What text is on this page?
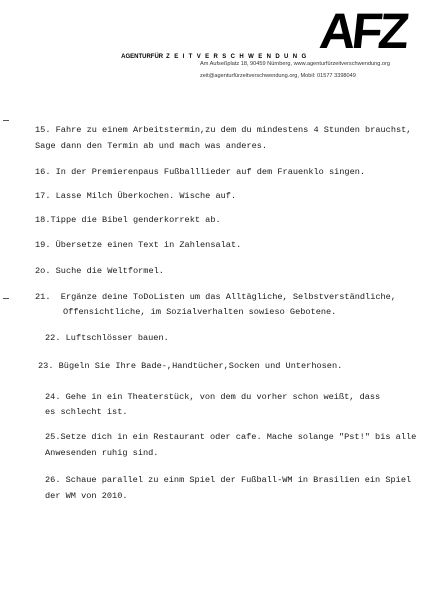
AFZ

AGENTURFÜR ZEITVERSCHWENDUNG

Am Aufseßplatz 18, 90459 Nürnberg, www.agenturfürzeitverschwendung.org
zeit@agenturfürzeitverschwendung.org, Mobil: 01577 3398049
15. Fahre zu einem Arbeitstermin,zu dem du mindestens 4 Stunden brauchst,
Sage dann den Termin ab und mach was anderes.
16. In der Premierenpaus Fußballlieder auf dem Frauenklo singen.
17. Lasse Milch Überkochen. Wische auf.
18.Tippe die Bibel genderkorrekt ab.
19. Übersetze einen Text in Zahlensalat.
2o. Suche die Weltformel.
21.  Ergänze deine ToDoListen um das Alltägliche, Selbstverständliche,
Offensichtliche, im Sozialverhalten sowieso Gebotene.
22. Luftschlösser bauen.
23. Bügeln Sie Ihre Bade-,Handtücher,Socken und Unterhosen.
24. Gehe in ein Theaterstück, von dem du vorher schon weißt, dass
es schlecht ist.
25.Setze dich in ein Restaurant oder cafe. Mache solange "Pst!" bis alle
Anwesenden ruhig sind.
26. Schaue parallel zu einm Spiel der Fußball-WM in Brasilien ein Spiel
der WM von 2010.
